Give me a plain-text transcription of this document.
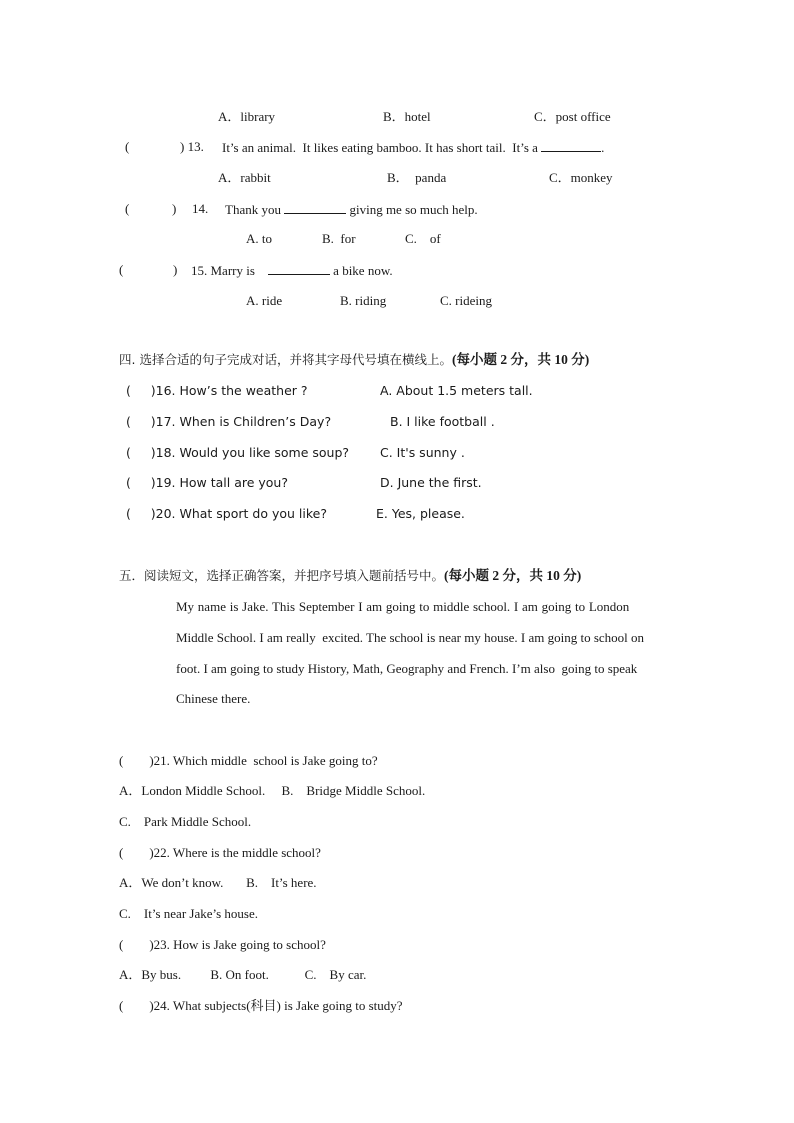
A．library	B．hotel	C．post office
(	) 13. It’s an animal.  It likes eating bamboo. It has short tail.  It’s a	.
A．rabbit	B．  panda	C．monkey
(	) 14. Thank you	giving me so much help.
A. to	B.  for	C.    of
(	) 15. Marry is	a bike now.
A. ride	B. riding	C. rideing
四. 选择合适的句子完成对话，并将其字母代号填在横线上。(每小题 2 分，共 10 分)
(     )16. How’s the weather ?	A. About 1.5 meters tall.
(     )17. When is Children’s Day?	B. I like football .
(     )18. Would you like some soup? C. It's sunny .
(     )19. How tall are you?	D. June the first.
(     )20. What sport do you like?	E. Yes, please.
五．阅读短文，选择正确答案，并把序号填入题前括号中。(每小题 2 分，共 10 分)
My name is Jake. This September I am going to middle school. I am going to London
Middle School. I am really  excited. The school is near my house. I am going to school on
foot. I am going to study History, Math, Geography and French. I’m also  going to speak
Chinese there.
(        )21. Which middle  school is Jake going to?
A．London Middle School.     B.    Bridge Middle School.
C.    Park Middle School.
(        )22. Where is the middle school?
A．We don’t know.       B.    It’s here.
C.    It’s near Jake’s house.
(        )23. How is Jake going to school?
A．By bus.         B. On foot.           C.    By car.
(        )24. What subjects(科目) is Jake going to study?
